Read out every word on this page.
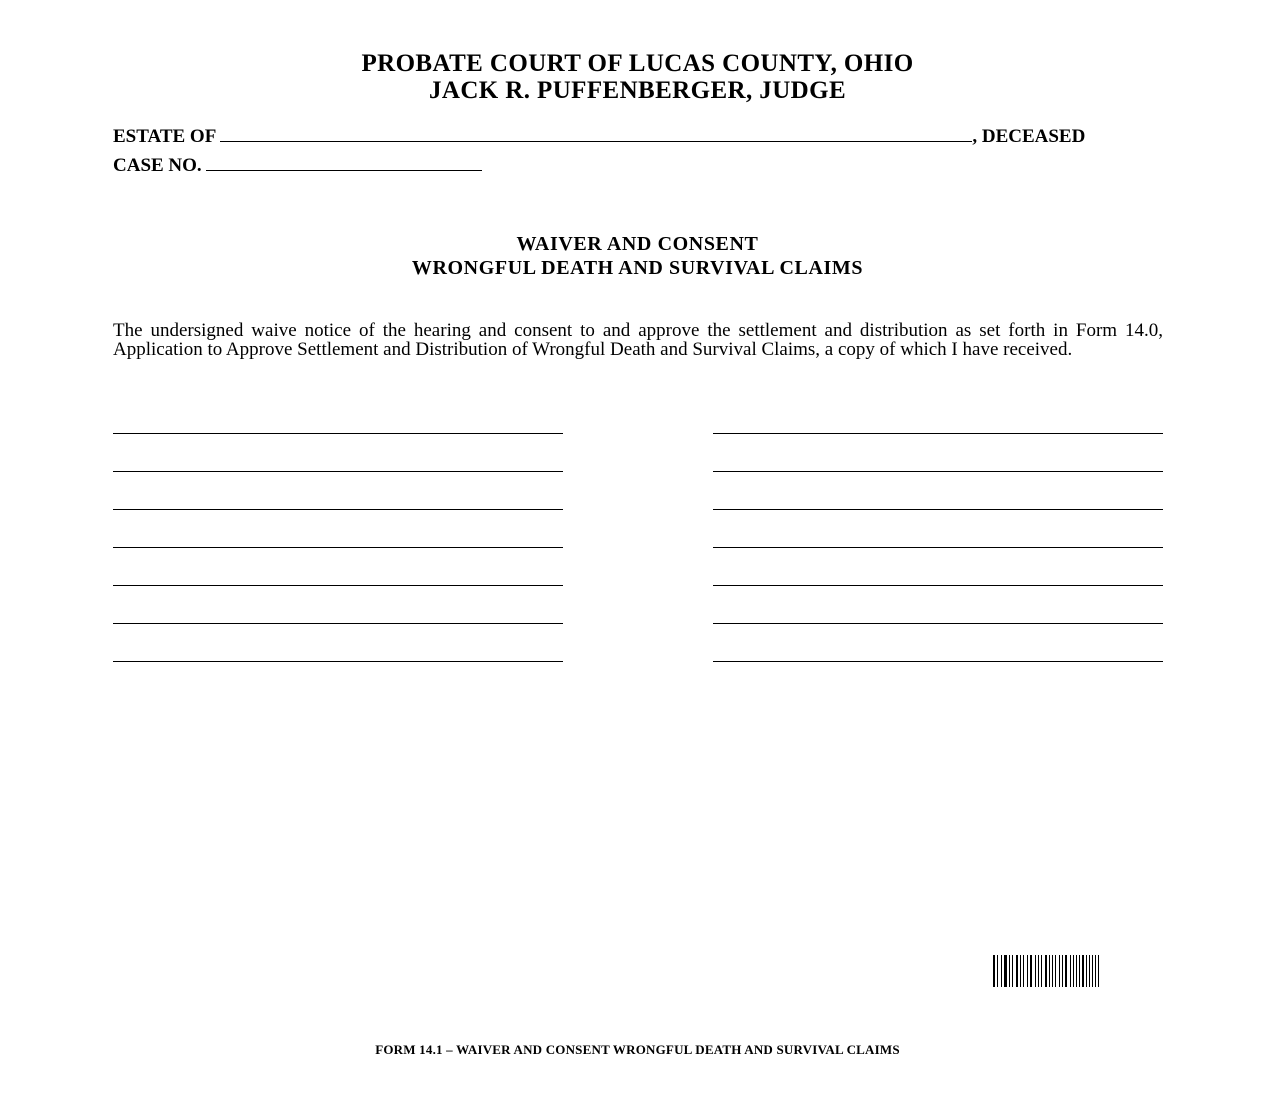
PROBATE COURT OF LUCAS COUNTY, OHIO
JACK R. PUFFENBERGER, JUDGE
ESTATE OF	, DECEASED
CASE NO.
WAIVER AND CONSENT
WRONGFUL DEATH AND SURVIVAL CLAIMS
The undersigned waive notice of the hearing and consent to and approve the settlement and distribution as set forth in Form 14.0, Application to Approve Settlement and Distribution of Wrongful Death and Survival Claims, a copy of which I have received.
FORM 14.1 – WAIVER AND CONSENT WRONGFUL DEATH AND SURVIVAL CLAIMS
